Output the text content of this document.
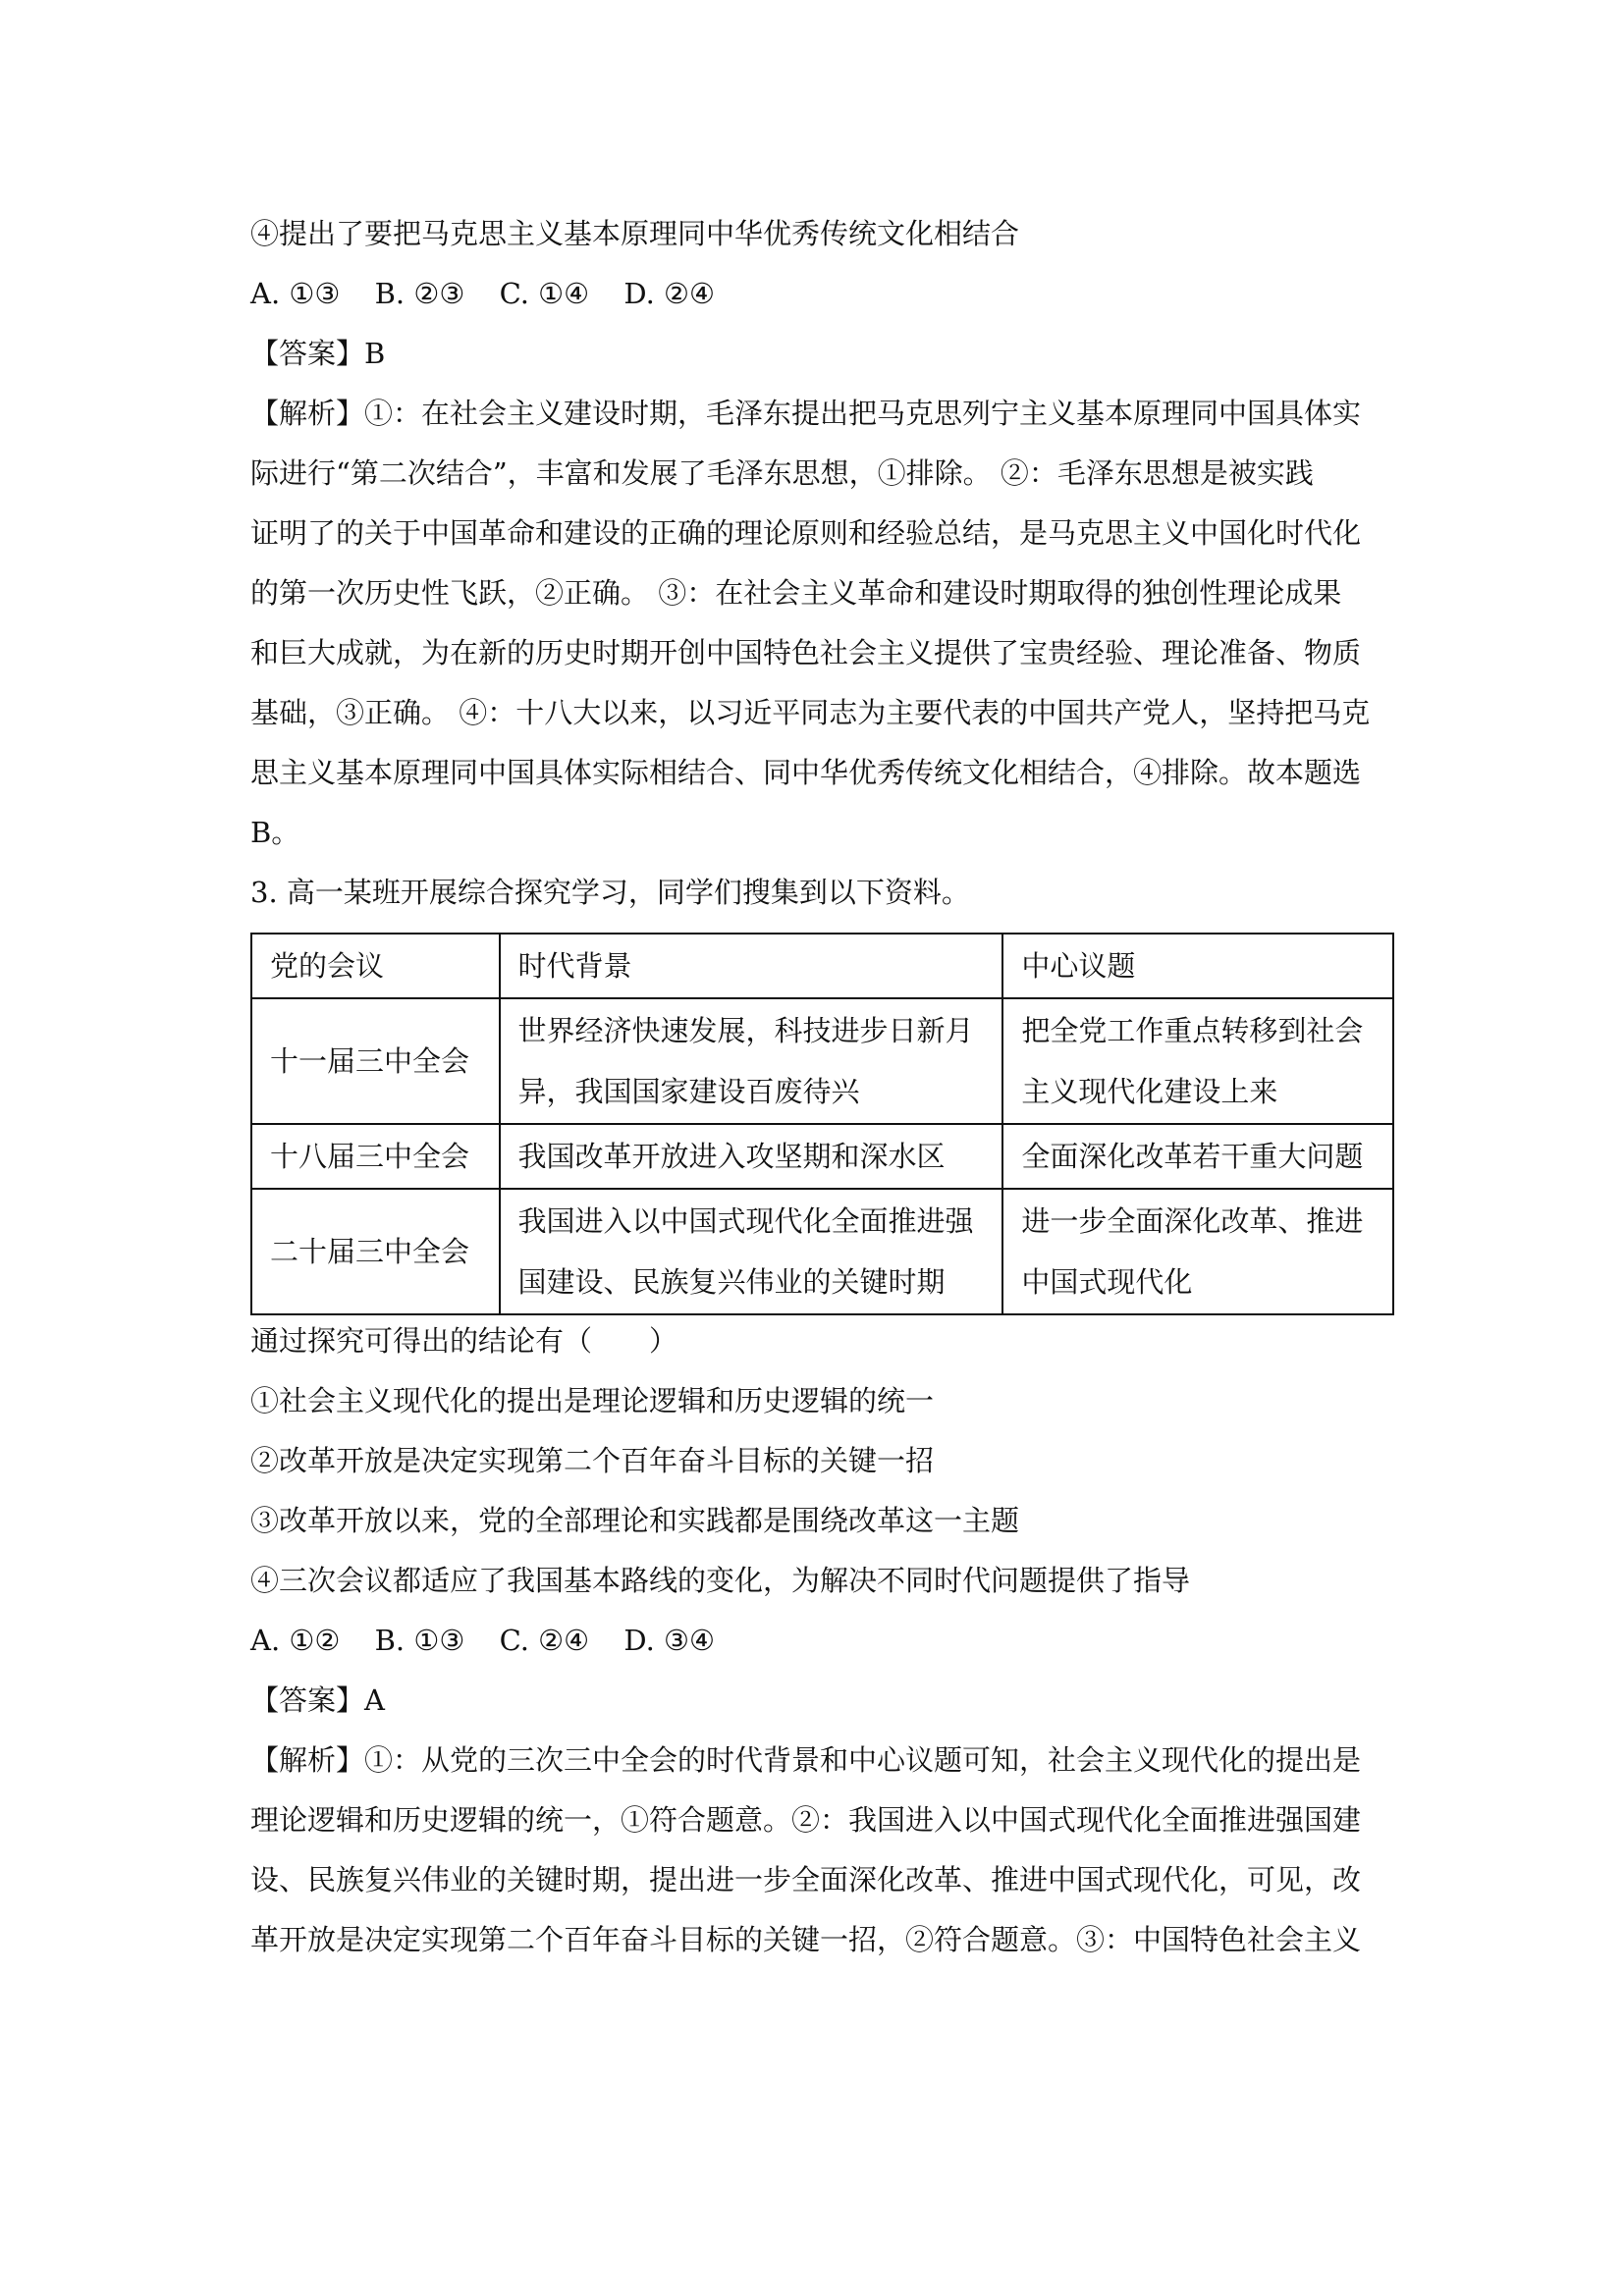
④提出了要把马克思主义基本原理同中华优秀传统文化相结合
A. ①③ B. ②③ C. ①④ D. ②④
【答案】B
【解析】①：在社会主义建设时期，毛泽东提出把马克思列宁主义基本原理同中国具体实
际进行“第二次结合”，丰富和发展了毛泽东思想，①排除。 ②：毛泽东思想是被实践
证明了的关于中国革命和建设的正确的理论原则和经验总结，是马克思主义中国化时代化
的第一次历史性飞跃，②正确。 ③：在社会主义革命和建设时期取得的独创性理论成果
和巨大成就，为在新的历史时期开创中国特色社会主义提供了宝贵经验、理论准备、物质
基础，③正确。 ④：十八大以来，以习近平同志为主要代表的中国共产党人，坚持把马克
思主义基本原理同中国具体实际相结合、同中华优秀传统文化相结合，④排除。故本题选
B。
3. 高一某班开展综合探究学习，同学们搜集到以下资料。
党的会议	时代背景	中心议题

十一届三中全会	世界经济快速发展，科技进步日新月
异，我国国家建设百废待兴	把全党工作重点转移到社会
主义现代化建设上来

十八届三中全会	我国改革开放进入攻坚期和深水区	全面深化改革若干重大问题

二十届三中全会	我国进入以中国式现代化全面推进强
国建设、民族复兴伟业的关键时期	进一步全面深化改革、推进
中国式现代化
通过探究可得出的结论有（　　）
①社会主义现代化的提出是理论逻辑和历史逻辑的统一
②改革开放是决定实现第二个百年奋斗目标的关键一招
③改革开放以来，党的全部理论和实践都是围绕改革这一主题
④三次会议都适应了我国基本路线的变化，为解决不同时代问题提供了指导
A. ①② B. ①③ C. ②④ D. ③④
【答案】A
【解析】①：从党的三次三中全会的时代背景和中心议题可知，社会主义现代化的提出是
理论逻辑和历史逻辑的统一，①符合题意。②：我国进入以中国式现代化全面推进强国建
设、民族复兴伟业的关键时期，提出进一步全面深化改革、推进中国式现代化，可见，改
革开放是决定实现第二个百年奋斗目标的关键一招，②符合题意。③：中国特色社会主义
